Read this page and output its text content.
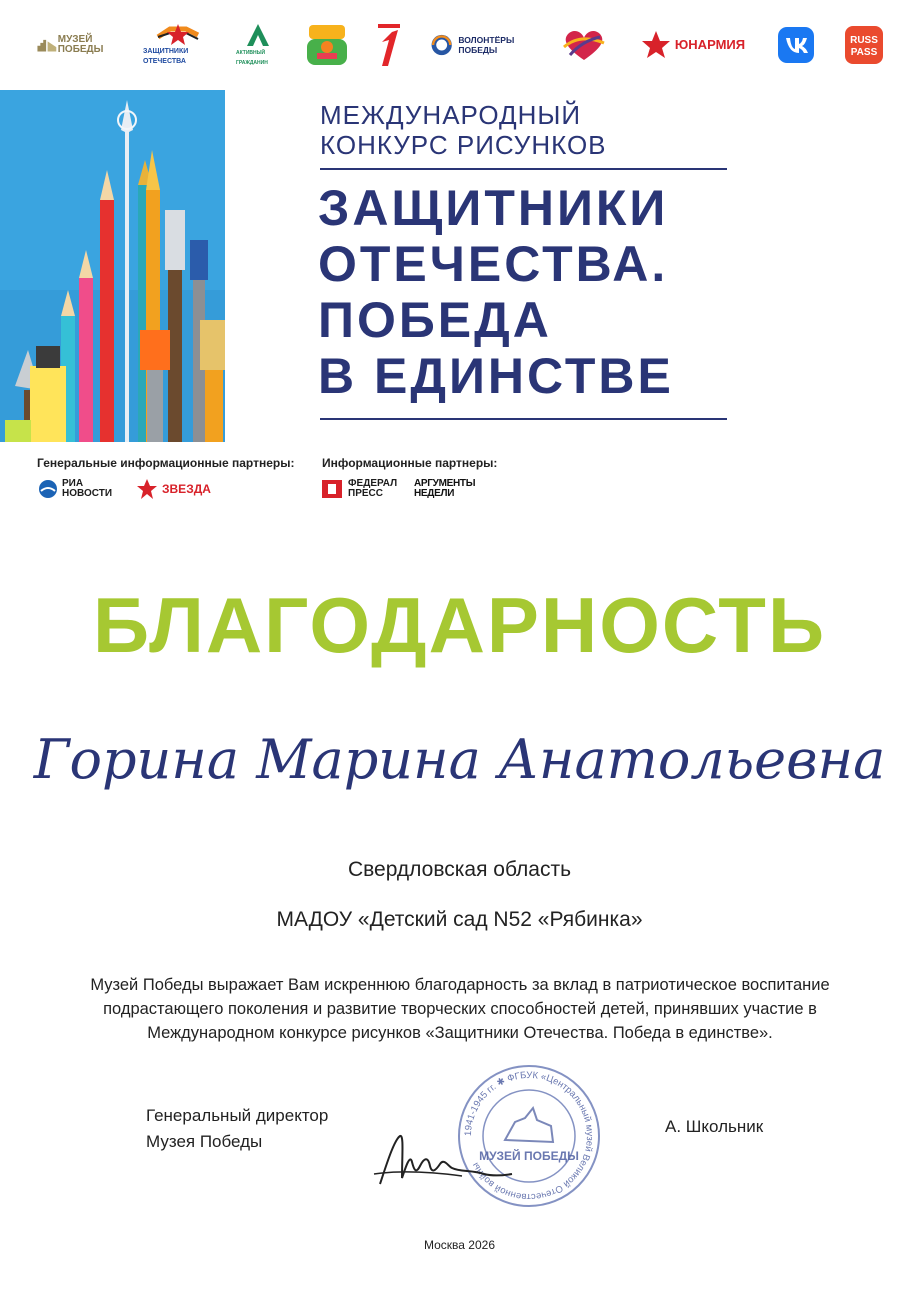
МУЗЕЙ ПОБЕДЫ	ЗАЩИТНИКИ ОТЕЧЕСТВА
АКТИВНЫЙ ГРАЖДАНИН
ВОЛОНТЁРЫ ПОБЕДЫ	ЮНАРМИЯ	RUSS
PASS
МЕЖДУНАРОДНЫЙ
КОНКУРС РИСУНКОВ
ЗАЩИТНИКИ
ОТЕЧЕСТВА.
ПОБЕДА
В ЕДИНСТВЕ
Генеральные информационные партнеры: Информационные партнеры:
РИА НОВОСТИ	ЗВЕЗДА	ФЕДЕРАЛ ПРЕСС
АРГУМЕНТЫ НЕДЕЛИ
БЛАГОДАРНОСТЬ
Горина Марина Анатольевна
Свердловская область
МАДОУ «Детский сад N52 «Рябинка»
Музей Победы выражает Вам искреннюю благодарность за вклад в патриотическое воспитание подрастающего поколения и развитие творческих способностей детей, принявших участие в Международном конкурсе рисунков «Защитники Отечества. Победа в единстве».
Генеральный директор
Музея Победы	1941-1945 гг. ✱ ФГБУК «Центральный музей Великой Отечественной войны
МУЗЕЙ ПОБЕДЫ
А. Школьник
Москва 2026
